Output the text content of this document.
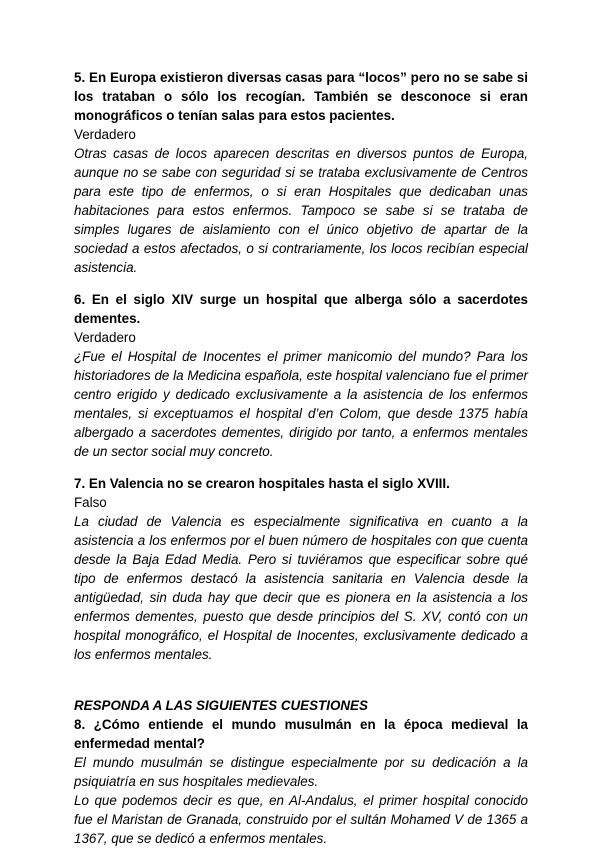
5. En Europa existieron diversas casas para “locos” pero no se sabe si los trataban o sólo los recogían. También se desconoce si eran monográficos o tenían salas para estos pacientes.

Verdadero

Otras casas de locos aparecen descritas en diversos puntos de Europa, aunque no se sabe con seguridad si se trataba exclusivamente de Centros para este tipo de enfermos, o si eran Hospitales que dedicaban unas habitaciones para estos enfermos. Tampoco se sabe si se trataba de simples lugares de aislamiento con el único objetivo de apartar de la sociedad a estos afectados, o si contrariamente, los locos recibían especial asistencia.

6. En el siglo XIV surge un hospital que alberga sólo a sacerdotes dementes.

Verdadero

¿Fue el Hospital de Inocentes el primer manicomio del mundo? Para los historiadores de la Medicina española, este hospital valenciano fue el primer centro erigido y dedicado exclusivamente a la asistencia de los enfermos mentales, si exceptuamos el hospital d’en Colom, que desde 1375 había albergado a sacerdotes dementes, dirigido por tanto, a enfermos mentales de un sector social muy concreto.

7. En Valencia no se crearon hospitales hasta el siglo XVIII.

Falso

La ciudad de Valencia es especialmente significativa en cuanto a la asistencia a los enfermos por el buen número de hospitales con que cuenta desde la Baja Edad Media. Pero si tuviéramos que especificar sobre qué tipo de enfermos destacó la asistencia sanitaria en Valencia desde la antigüedad, sin duda hay que decir que es pionera en la asistencia a los enfermos dementes, puesto que desde principios del S. XV, contó con un hospital monográfico, el Hospital de Inocentes, exclusivamente dedicado a los enfermos mentales.

RESPONDA A LAS SIGUIENTES CUESTIONES

8. ¿Cómo entiende el mundo musulmán en la época medieval la enfermedad mental?

El mundo musulmán se distingue especialmente por su dedicación a la psiquiatría en sus hospitales medievales.

Lo que podemos decir es que, en Al-Andalus, el primer hospital conocido fue el Maristan de Granada, construido por el sultán Mohamed V de 1365 a 1367, que se dedicó a enfermos mentales.
